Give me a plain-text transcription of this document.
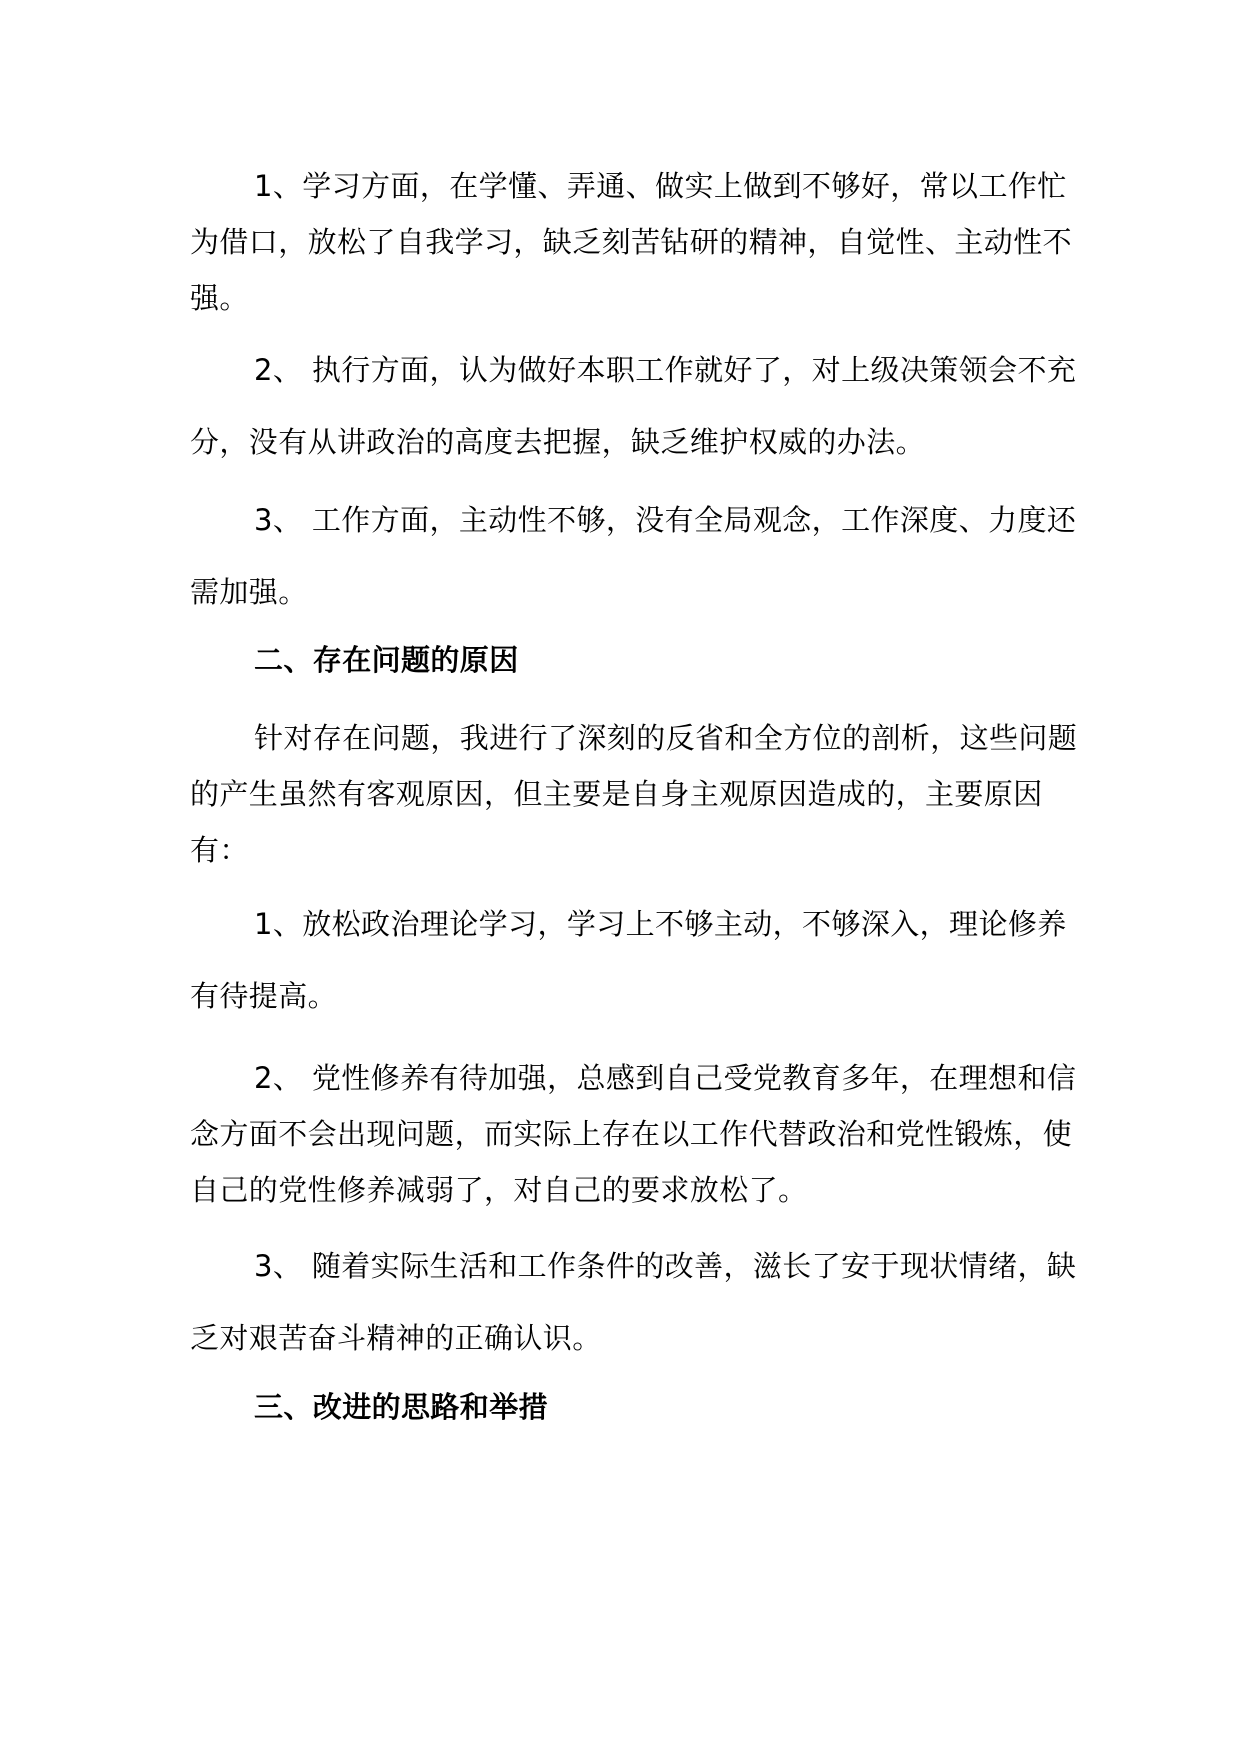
1、学习方面，在学懂、弄通、做实上做到不够好，常以工作忙为借口，放松了自我学习，缺乏刻苦钻研的精神，自觉性、主动性不强。

2、 执行方面，认为做好本职工作就好了，对上级决策领会不充分，没有从讲政治的高度去把握，缺乏维护权威的办法。

3、 工作方面，主动性不够，没有全局观念，工作深度、力度还需加强。

二、存在问题的原因

针对存在问题，我进行了深刻的反省和全方位的剖析，这些问题的产生虽然有客观原因，但主要是自身主观原因造成的，主要原因有：

1、放松政治理论学习，学习上不够主动，不够深入，理论修养有待提高。

2、 党性修养有待加强，总感到自己受党教育多年，在理想和信念方面不会出现问题，而实际上存在以工作代替政治和党性锻炼，使自己的党性修养减弱了，对自己的要求放松了。

3、 随着实际生活和工作条件的改善，滋长了安于现状情绪，缺乏对艰苦奋斗精神的正确认识。

三、改进的思路和举措
